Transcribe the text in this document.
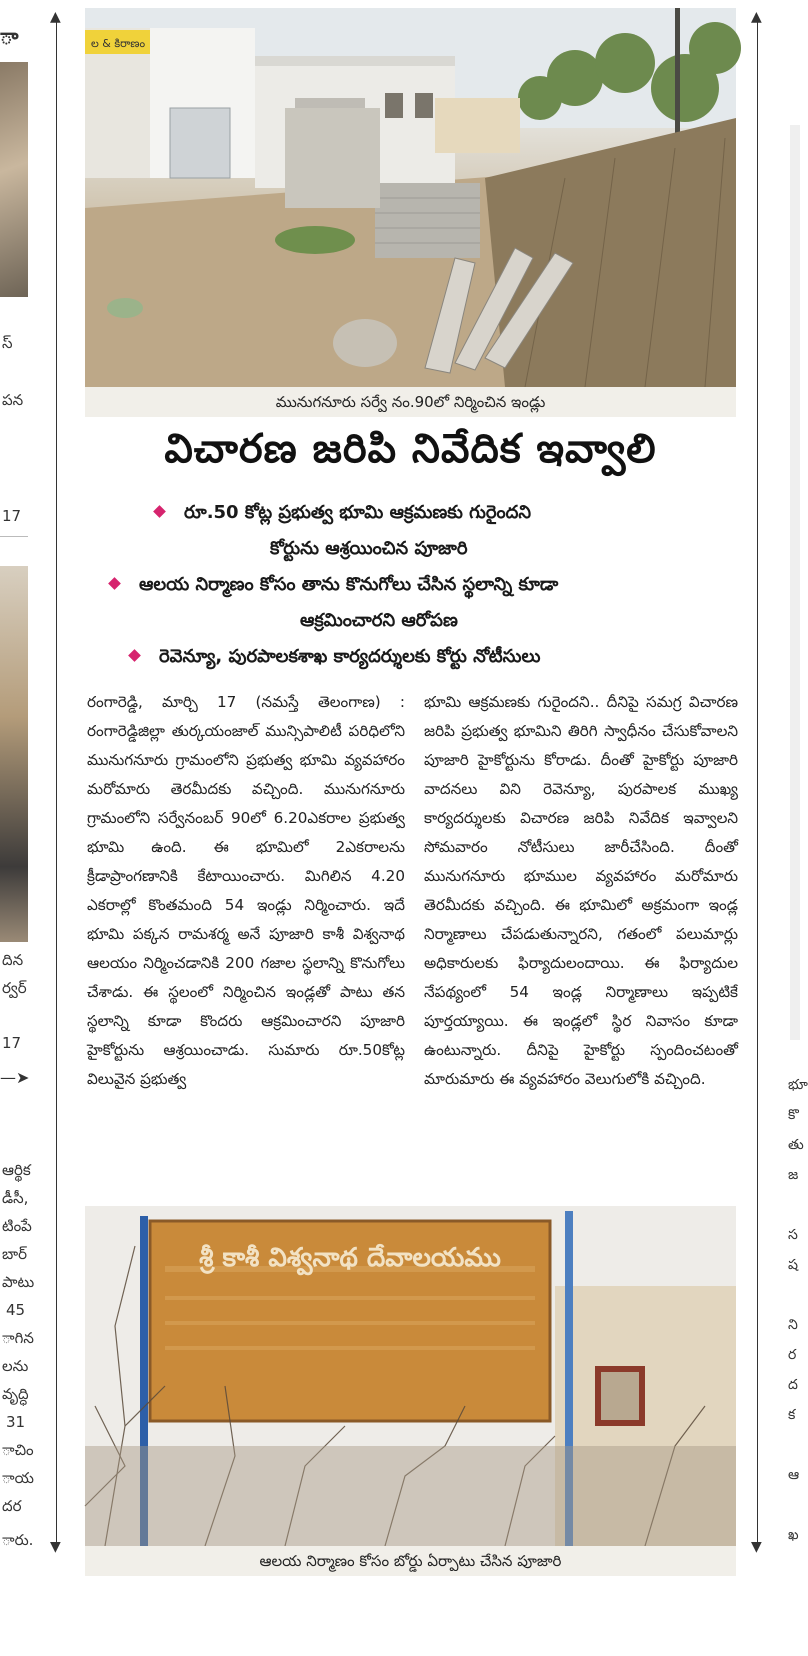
ా
స్
పన
17
దిన
ర్వర్
17
—➤
ఆర్థిక
డీసీ,
టింపే
బార్
పాటు
45
ాగిన
లను
వృద్ధి
31
ాచిం
ాయ
దర
ారు.
▲
▼
▲
▼
భూ
కొ
తు
జ
స
ష
ని
ర
ద
క
ఆ
ఖ
ల & కిరాణం
మునుగనూరు సర్వే నం.90లో నిర్మించిన ఇండ్లు
విచారణ జరిపి నివేదిక ఇవ్వాలి
రూ.50 కోట్ల ప్రభుత్వ భూమి ఆక్రమణకు గురైందని
కోర్టును ఆశ్రయించిన పూజారి
ఆలయ నిర్మాణం కోసం తాను కొనుగోలు చేసిన స్థలాన్ని కూడా
ఆక్రమించారని ఆరోపణ
రెవెన్యూ, పురపాలకశాఖ కార్యదర్శులకు కోర్టు నోటీసులు

రంగారెడ్డి, మార్చి 17 (నమస్తే తెలంగాణ) : రంగారెడ్డిజిల్లా తుర్కయంజాల్ మున్సిపాలిటీ పరిధిలోని మునుగనూరు గ్రామంలోని ప్రభుత్వ భూమి వ్యవహారం మరోమారు తెరమీదకు వచ్చింది. మునుగనూరు గ్రామంలోని సర్వేనంబర్ 90లో 6.20ఎకరాల ప్రభుత్వ భూమి ఉంది. ఈ భూమిలో 2ఎకరాలను క్రీడాప్రాంగణానికి కేటాయించారు. మిగిలిన 4.20 ఎకరాల్లో కొంతమంది 54 ఇండ్లు నిర్మించారు. ఇదే భూమి పక్కన రామశర్మ అనే పూజారి కాశీ విశ్వనాథ ఆలయం నిర్మించడానికి 200 గజాల స్థలాన్ని కొనుగోలు చేశాడు. ఈ స్థలంలో నిర్మించిన ఇండ్లతో పాటు తన స్థలాన్ని కూడా కొందరు ఆక్రమించారని పూజారి హైకోర్టును ఆశ్రయించాడు. సుమారు రూ.50కోట్ల విలువైన ప్రభుత్వ

భూమి ఆక్రమణకు గురైందని.. దీనిపై సమగ్ర విచారణ జరిపి ప్రభుత్వ భూమిని తిరిగి స్వాధీనం చేసుకోవాలని పూజారి హైకోర్టును కోరాడు. దీంతో హైకోర్టు పూజారి వాదనలు విని రెవెన్యూ, పురపాలక ముఖ్య కార్యదర్శులకు విచారణ జరిపి నివేదిక ఇవ్వాలని సోమవారం నోటీసులు జారీచేసింది. దీంతో మునుగనూరు భూముల వ్యవహారం మరోమారు తెరమీదకు వచ్చింది. ఈ భూమిలో అక్రమంగా ఇండ్ల నిర్మాణాలు చేపడుతున్నారని, గతంలో పలుమార్లు అధికారులకు ఫిర్యాదులందాయి. ఈ ఫిర్యాదుల నేపథ్యంలో 54 ఇండ్ల నిర్మాణాలు ఇప్పటికే పూర్తయ్యాయి. ఈ ఇండ్లలో స్థిర నివాసం కూడా ఉంటున్నారు. దీనిపై హైకోర్టు స్పందించటంతో మారుమారు ఈ వ్యవహారం వెలుగులోకి వచ్చింది.

శ్రీ కాశీ విశ్వనాథ దేవాలయము
ఆలయ నిర్మాణం కోసం బోర్డు ఏర్పాటు చేసిన పూజారి
